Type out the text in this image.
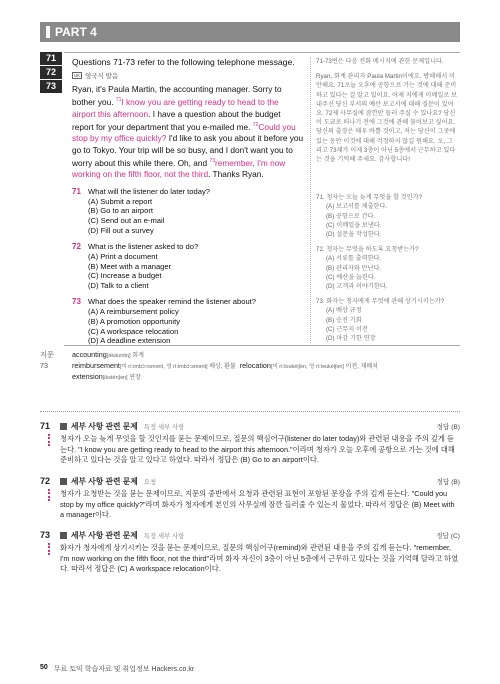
PART 4
71
72
73
Questions 71-73 refer to the following telephone message.
UK 영국식 발음
Ryan, it's Paula Martin, the accounting manager. Sorry to bother you. $^{71}$I know you are getting ready to head to the airport this afternoon. I have a question about the budget report for your department that you e-mailed me. $^{72}$Could you stop by my office quickly? I'd like to ask you about it before you go to Tokyo. Your trip will be so busy, and I don't want you to worry about this while there. Oh, and $^{73}$remember, I'm now working on the fifth floor, not the third. Thanks Ryan.
71 What will the listener do later today?
(A) Submit a report
(B) Go to an airport
(C) Send out an e-mail
(D) Fill out a survey
72 What is the listener asked to do?
(A) Print a document
(B) Meet with a manager
(C) Increase a budget
(D) Talk to a client
73 What does the speaker remind the listener about?
(A) A reimbursement policy
(B) A promotion opportunity
(C) A workspace relocation
(D) A deadline extension
71-73번은 다음 전화 메시지에 관한 문제입니다.
Ryan, 회계 관리자 Paula Martin이에요. 방해해서 미안해요. 71오늘 오후에 공항으로 가는 것에 대해 준비하고 있다는 걸 알고 있어요. 어제 저에게 이메일로 보내주신 당신 부서의 예산 보고서에 대해 질문이 있어요. 72제 사무실에 잠깐만 들러 주실 수 있나요? 당신이 도쿄로 떠나기 전에 그것에 관해 물어보고 싶어요. 당신의 출장은 매우 바쁠 것이고, 저는 당신이 그곳에 있는 동안 이것에 대해 걱정하지 않길 원해요. 오, 그리고 73제가 이제 3층이 아닌 5층에서 근무하고 있다는 것을 기억해 주세요. 감사합니다!
71. 청자는 오늘 늦게 무엇을 할 것인가?
(A) 보고서를 제출한다.
(B) 공항으로 간다.
(C) 이메일을 보낸다.
(D) 설문을 작성한다.
72. 청자는 무엇을 하도록 요청받는가?
(A) 서류를 출력한다.
(B) 관리자와 만난다.
(C) 예산을 늘린다.
(D) 고객과 이야기한다.
73. 화자는 청자에게 무엇에 관해 상기시키는가?
(A) 배상 규정
(B) 승진 기회
(C) 근무지 이전
(D) 마감 기한 연장
지문	accounting[əkáuntiŋ] 회계
73	reimbursement[미 rì:imbɔ́:rsmənt, 영 rì:imbɔ́:smənt] 배상, 환불 relocation[미 rì:loukéiʃən, 영 rì:ləukéiʃən] 이전, 재배치
extension[iksténʃən] 연장
71	세부 사항 관련 문제 특정 세부 사항	정답 (B)
청자가 오늘 늦게 무엇을 할 것인지를 묻는 문제이므로, 질문의 핵심어구(listener do later today)와 관련된 내용을 주의 깊게 듣는다. "I know you are getting ready to head to the airport this afternoon."이라며 청자가 오늘 오후에 공항으로 가는 것에 대해 준비하고 있다는 것을 알고 있다고 하였다. 따라서 정답은 (B) Go to an airport이다.
72	세부 사항 관련 문제 요청	정답 (B)
청자가 요청받는 것을 묻는 문제이므로, 지문의 중반에서 요청과 관련된 표현이 포함된 문장을 주의 깊게 듣는다. "Could you stop by my office quickly?"라며 화자가 청자에게 본인의 사무실에 잠깐 들러줄 수 있는지 물었다. 따라서 정답은 (B) Meet with a manager이다.
73	세부 사항 관련 문제 특정 세부 사항	정답 (C)
화자가 청자에게 상기시키는 것을 묻는 문제이므로, 질문의 핵심어구(remind)와 관련된 내용을 주의 깊게 듣는다. "remember, I'm now working on the fifth floor, not the third"라며 화자 자신이 3층이 아닌 5층에서 근무하고 있다는 것을 기억해 달라고 하였다. 따라서 정답은 (C) A workspace relocation이다.
50 무료 토익 학습자료 및 취업정보 Hackers.co.kr
